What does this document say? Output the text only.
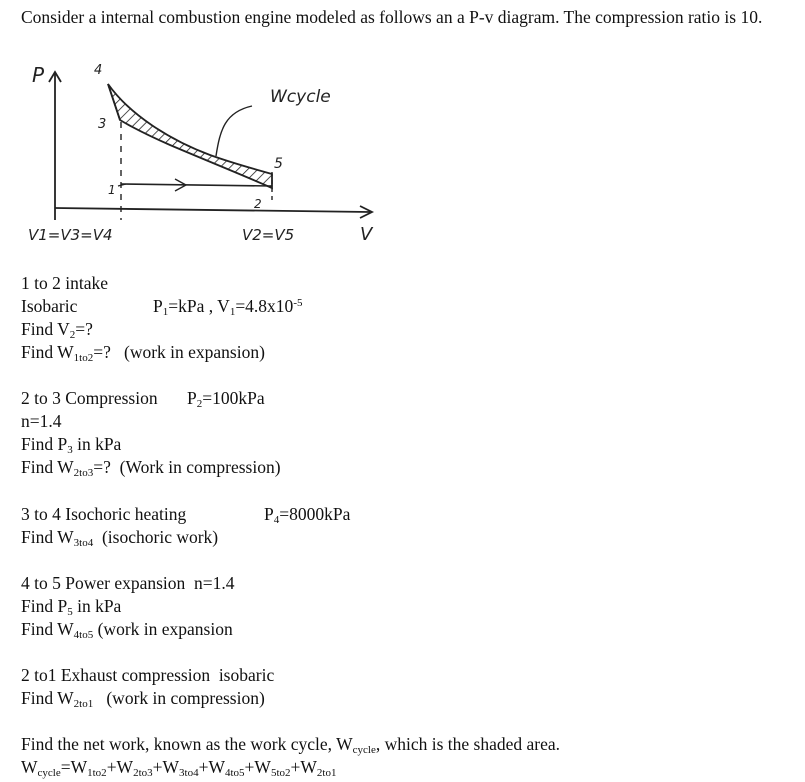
Consider a internal combustion engine modeled as follows an a P-v diagram. The compression ratio is 10.
P	4
3
1
5
2
Wcycle
V1=V3=V4	V2=V5	V
1 to 2 intake
Isobaric	$P_1=kPa$ , $V_1=4.8x10^{-5}$
Find $V_2=$?
Find $W_{1to2}=$?   (work in expansion)
2 to 3 Compression $P_2=100kPa$
n=1.4
Find $P_3$ in kPa
Find $W_{2to3}=$?  (Work in compression)
3 to 4 Isochoric heating	$P_4=8000kPa$
Find $W_{3to4}$  (isochoric work)
4 to 5 Power expansion  n=1.4
Find $P_5$ in kPa
Find $W_{4to5}$ (work in expansion
2 to1 Exhaust compression  isobaric
Find $W_{2to1}$   (work in compression)
Find the net work, known as the work cycle, $W_{cycle}$, which is the shaded area.
$W_{cycle}=W_{1to2}+W_{2to3}+W_{3to4}+W_{4to5}+W_{5to2}+W_{2to1}$
